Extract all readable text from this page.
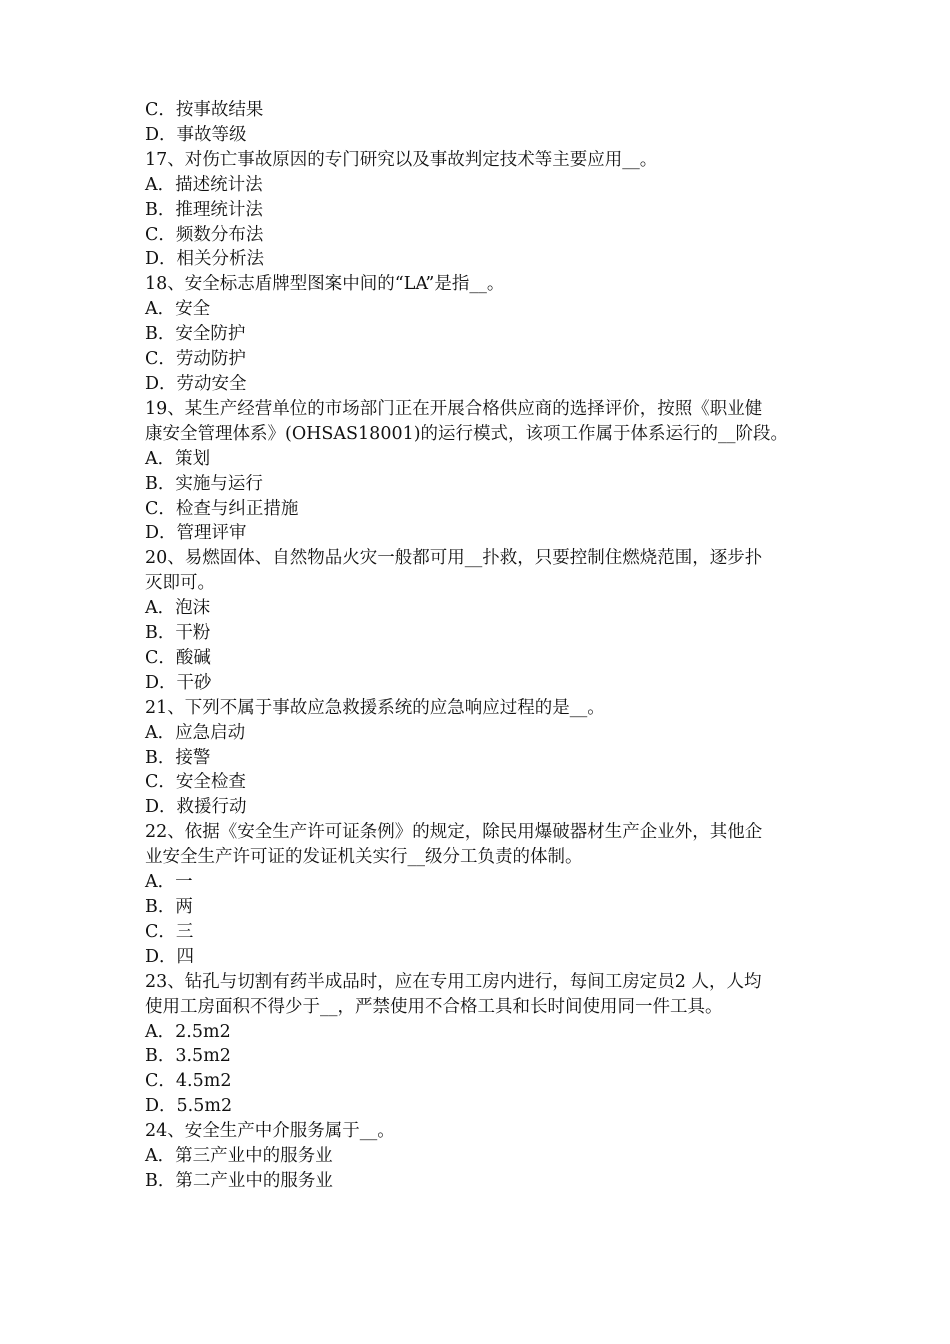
C．按事故结果
D．事故等级
17、对伤亡事故原因的专门研究以及事故判定技术等主要应用__。
A．描述统计法
B．推理统计法
C．频数分布法
D．相关分析法
18、安全标志盾牌型图案中间的“LA”是指__。
A．安全
B．安全防护
C．劳动防护
D．劳动安全
19、某生产经营单位的市场部门正在开展合格供应商的选择评价，按照《职业健
康安全管理体系》(OHSAS18001)的运行模式，该项工作属于体系运行的__阶段。
A．策划
B．实施与运行
C．检查与纠正措施
D．管理评审
20、易燃固体、自然物品火灾一般都可用__扑救，只要控制住燃烧范围，逐步扑
灭即可。
A．泡沫
B．干粉
C．酸碱
D．干砂
21、下列不属于事故应急救援系统的应急响应过程的是__。
A．应急启动
B．接警
C．安全检查
D．救援行动
22、依据《安全生产许可证条例》的规定，除民用爆破器材生产企业外，其他企
业安全生产许可证的发证机关实行__级分工负责的体制。
A．一
B．两
C．三
D．四
23、钻孔与切割有药半成品时，应在专用工房内进行，每间工房定员2 人，人均
使用工房面积不得少于__，严禁使用不合格工具和长时间使用同一件工具。
A．2.5m2
B．3.5m2
C．4.5m2
D．5.5m2
24、安全生产中介服务属于__。
A．第三产业中的服务业
B．第二产业中的服务业
